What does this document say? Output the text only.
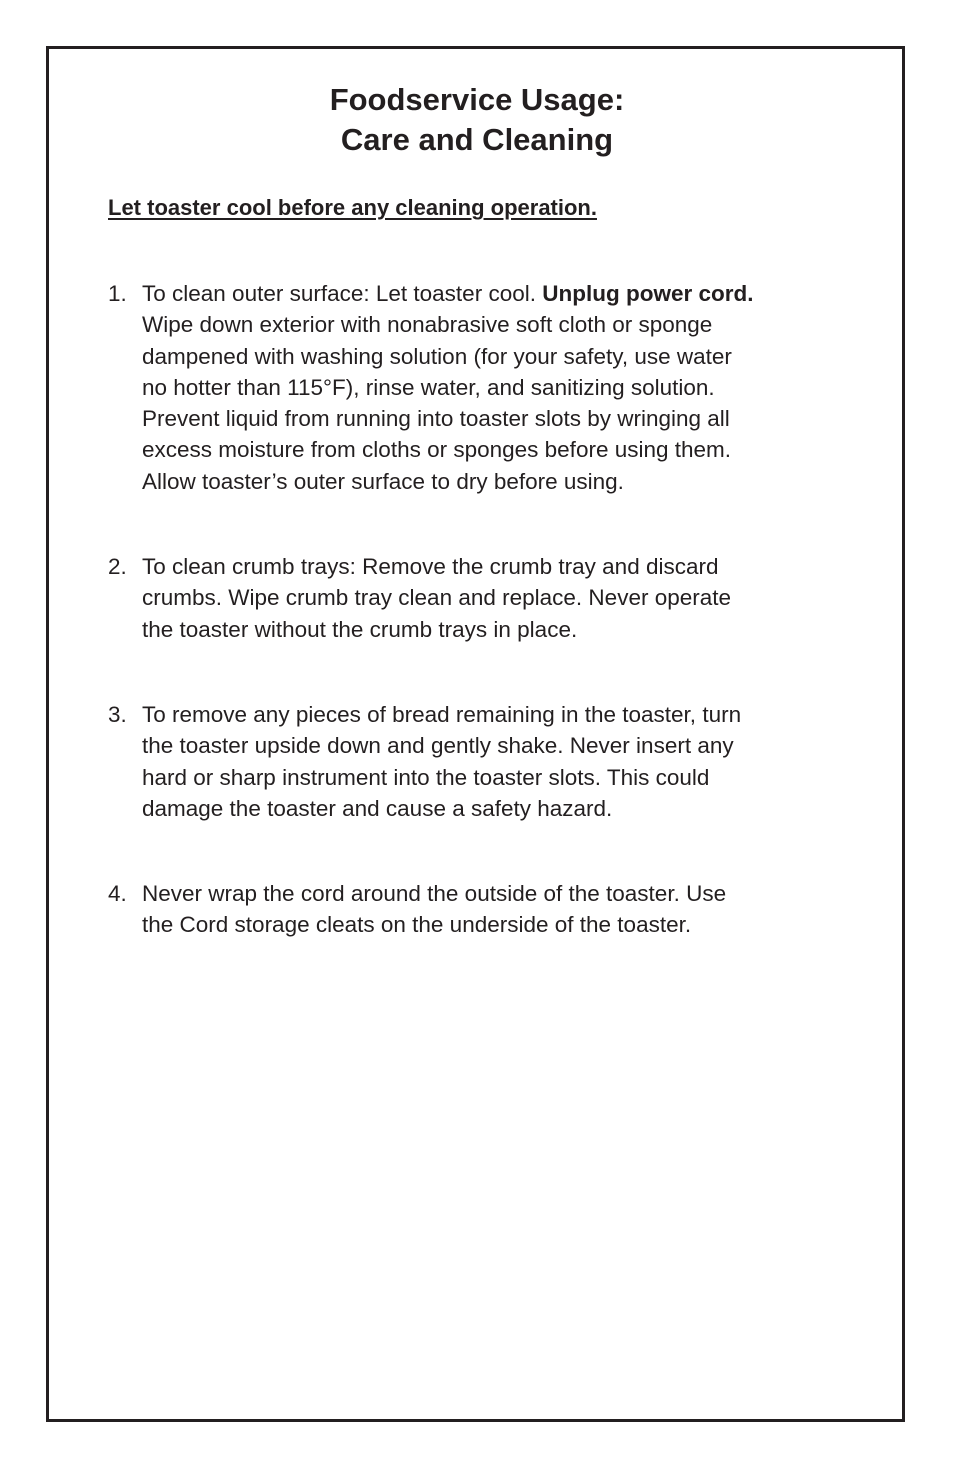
Foodservice Usage:
Care and Cleaning

Let toaster cool before any cleaning operation.

1. To clean outer surface: Let toaster cool. Unplug power cord.
Wipe down exterior with nonabrasive soft cloth or sponge
dampened with washing solution (for your safety, use water
no hotter than 115°F), rinse water, and sanitizing solution.
Prevent liquid from running into toaster slots by wringing all
excess moisture from cloths or sponges before using them.
Allow toaster’s outer surface to dry before using.
2. To clean crumb trays: Remove the crumb tray and discard
crumbs. Wipe crumb tray clean and replace. Never operate
the toaster without the crumb trays in place.
3. To remove any pieces of bread remaining in the toaster, turn
the toaster upside down and gently shake. Never insert any
hard or sharp instrument into the toaster slots. This could
damage the toaster and cause a safety hazard.
4. Never wrap the cord around the outside of the toaster. Use
the Cord storage cleats on the underside of the toaster.
